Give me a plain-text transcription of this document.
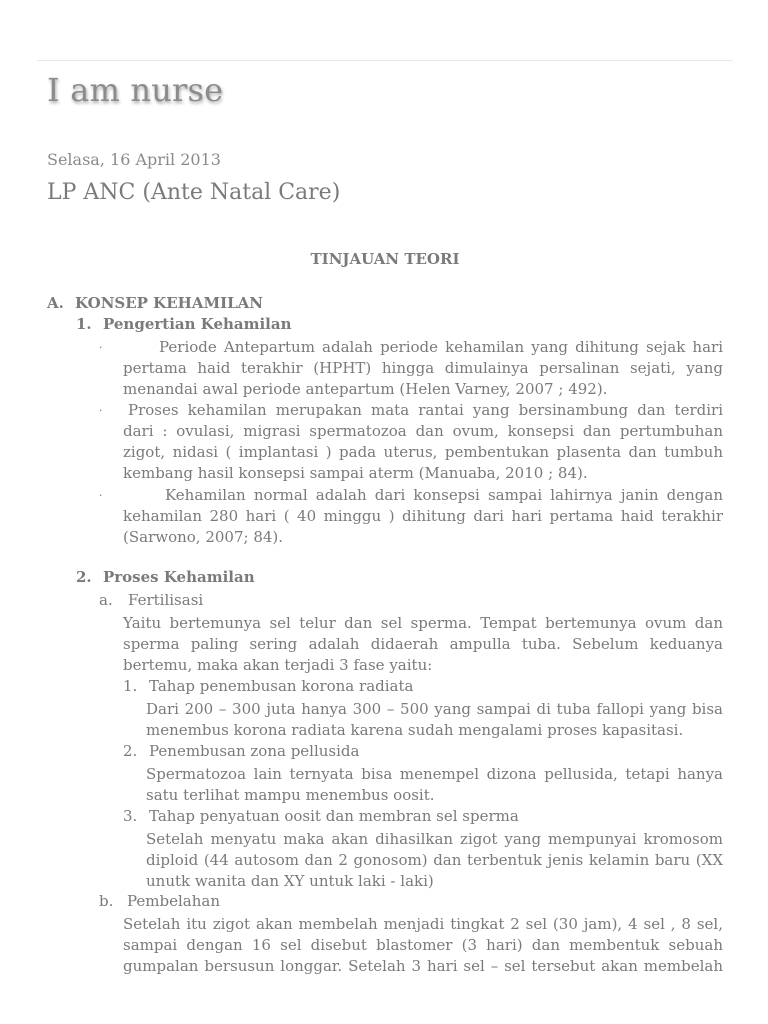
I am nurse
Selasa, 16 April 2013
LP ANC (Ante Natal Care)
TINJAUAN TEORI
A. KONSEP KEHAMILAN
1. Pengertian Kehamilan
·	Periode Antepartum adalah periode kehamilan yang dihitung sejak hari pertama haid terakhir (HPHT) hingga dimulainya persalinan sejati, yang menandai awal periode antepartum (Helen Varney, 2007 ; 492).
·	Proses kehamilan merupakan mata rantai yang bersinambung dan terdiri dari : ovulasi, migrasi spermatozoa dan ovum, konsepsi dan pertumbuhan zigot, nidasi ( implantasi ) pada uterus, pembentukan plasenta dan tumbuh kembang hasil konsepsi sampai aterm (Manuaba, 2010 ; 84).
·	Kehamilan normal adalah dari konsepsi sampai lahirnya janin dengan kehamilan 280 hari ( 40 minggu ) dihitung dari hari pertama haid terakhir (Sarwono, 2007; 84).
2. Proses Kehamilan
a. Fertilisasi
Yaitu bertemunya sel telur dan sel sperma. Tempat bertemunya ovum dan sperma paling sering adalah didaerah ampulla tuba. Sebelum keduanya bertemu, maka akan terjadi 3 fase yaitu:
1. Tahap penembusan korona radiata
Dari 200 – 300 juta hanya 300 – 500 yang sampai di tuba fallopi yang bisa menembus korona radiata karena sudah mengalami proses kapasitasi.
2. Penembusan zona pellusida
Spermatozoa lain ternyata bisa menempel dizona pellusida, tetapi hanya satu terlihat mampu menembus oosit.
3. Tahap penyatuan oosit dan membran sel sperma
Setelah menyatu maka akan dihasilkan zigot yang mempunyai kromosom diploid (44 autosom dan 2 gonosom) dan terbentuk jenis kelamin baru (XX unutk wanita dan XY untuk laki - laki)
b. Pembelahan
Setelah itu zigot akan membelah menjadi tingkat 2 sel (30 jam), 4 sel , 8 sel, sampai dengan 16 sel disebut blastomer (3 hari) dan membentuk sebuah gumpalan bersusun longgar. Setelah 3 hari sel – sel tersebut akan membelah
